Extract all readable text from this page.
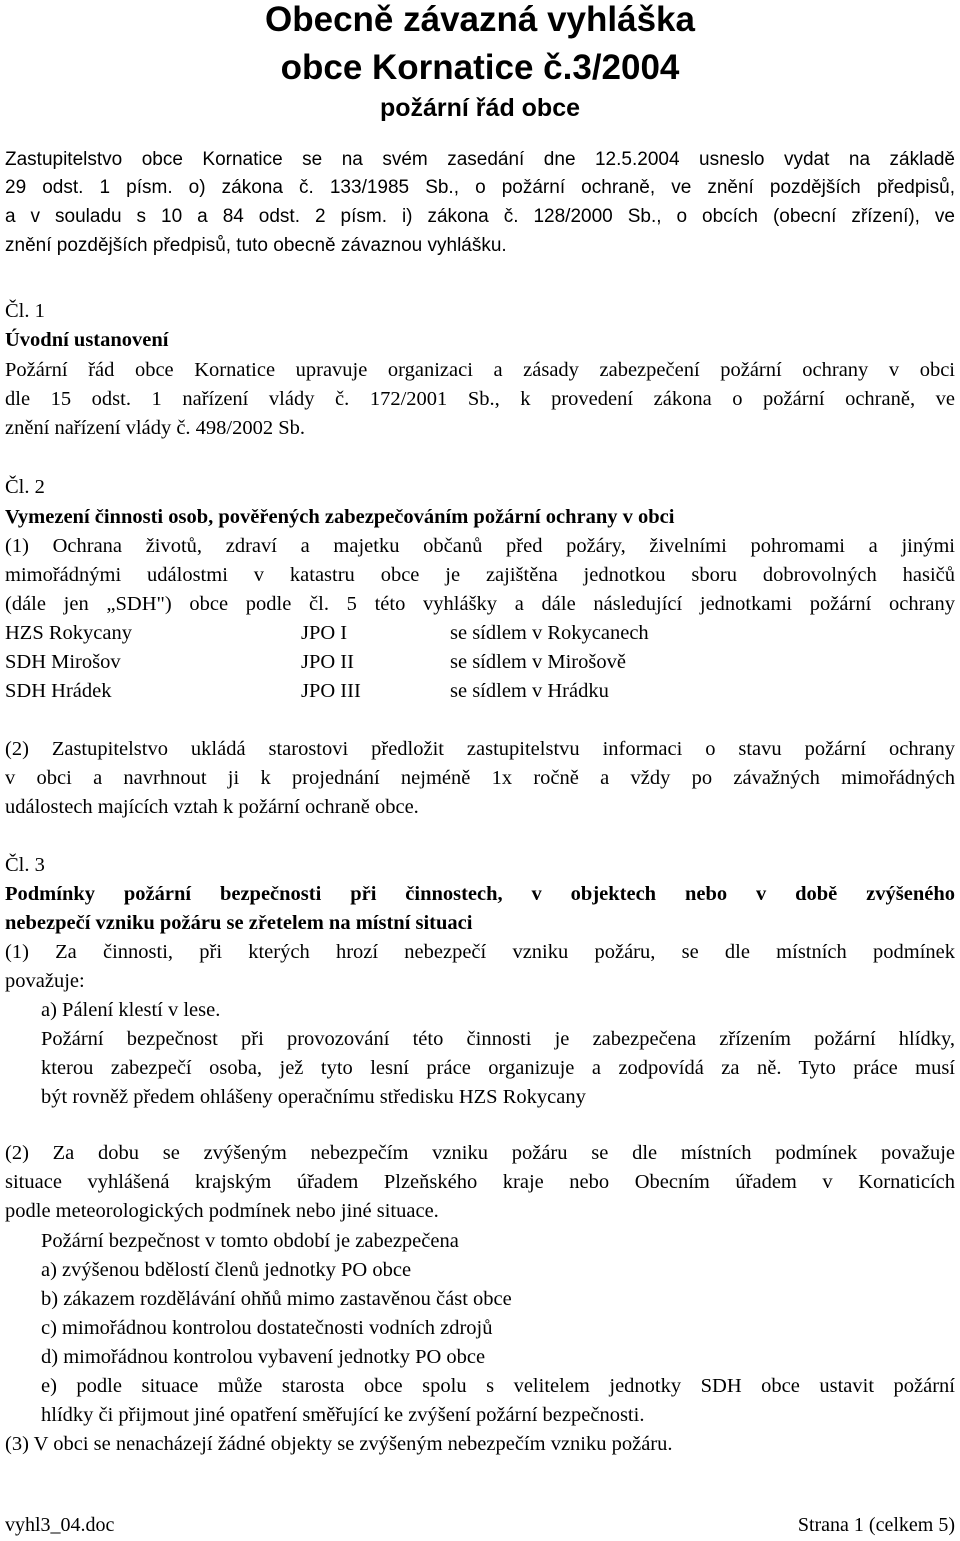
Obecně závazná vyhláška
obce Kornatice č.3/2004
požární řád obce
Zastupitelstvo obce Kornatice se na svém zasedání dne 12.5.2004 usneslo vydat na základě
29 odst. 1 písm. o) zákona č. 133/1985 Sb., o požární ochraně, ve znění pozdějších předpisů,
a v souladu s 10 a 84 odst. 2 písm. i) zákona č. 128/2000 Sb., o obcích (obecní zřízení), ve
znění pozdějších předpisů, tuto obecně závaznou vyhlášku.
Čl. 1
Úvodní ustanovení
Požární řád obce Kornatice upravuje organizaci a zásady zabezpečení požární ochrany v obci
dle 15 odst. 1 nařízení vlády č. 172/2001 Sb., k provedení zákona o požární ochraně, ve
znění nařízení vlády č. 498/2002 Sb.
Čl. 2
Vymezení činnosti osob, pověřených zabezpečováním požární ochrany v obci
(1) Ochrana životů, zdraví a majetku občanů před požáry, živelními pohromami a jinými
mimořádnými událostmi v katastru obce je zajištěna jednotkou sboru dobrovolných hasičů
(dále jen „SDH") obce podle čl. 5 této vyhlášky a dále následující jednotkami požární ochrany
HZS Rokycany	JPO I	se sídlem v Rokycanech
SDH Mirošov	JPO II	se sídlem v Mirošově
SDH Hrádek	JPO III	se sídlem v Hrádku
(2) Zastupitelstvo ukládá starostovi předložit zastupitelstvu informaci o stavu požární ochrany
v obci a navrhnout ji k projednání nejméně 1x ročně a vždy po závažných mimořádných
událostech majících vztah k požární ochraně obce.
Čl. 3
Podmínky požární bezpečnosti při činnostech, v objektech nebo v době zvýšeného
nebezpečí vzniku požáru se zřetelem na místní situaci
(1) Za činnosti, při kterých hrozí nebezpečí vzniku požáru, se dle místních podmínek
považuje:
a) Pálení klestí v lese.
Požární bezpečnost při provozování této činnosti je zabezpečena zřízením požární hlídky,
kterou zabezpečí osoba, jež tyto lesní práce organizuje a zodpovídá za ně. Tyto práce musí
být rovněž předem ohlášeny operačnímu středisku HZS Rokycany
(2) Za dobu se zvýšeným nebezpečím vzniku požáru se dle místních podmínek považuje
situace vyhlášená krajským úřadem Plzeňského kraje nebo Obecním úřadem v Kornaticích
podle meteorologických podmínek nebo jiné situace.
Požární bezpečnost v tomto období je zabezpečena
a) zvýšenou bdělostí členů jednotky PO obce
b) zákazem rozdělávání ohňů mimo zastavěnou část obce
c) mimořádnou kontrolou dostatečnosti vodních zdrojů
d) mimořádnou kontrolou vybavení jednotky PO obce
e) podle situace může starosta obce spolu s velitelem jednotky SDH obce ustavit požární
hlídky či přijmout jiné opatření směřující ke zvýšení požární bezpečnosti.
(3) V obci se nenacházejí žádné objekty se zvýšeným nebezpečím vzniku požáru.
vyhl3_04.doc	Strana 1 (celkem 5)
